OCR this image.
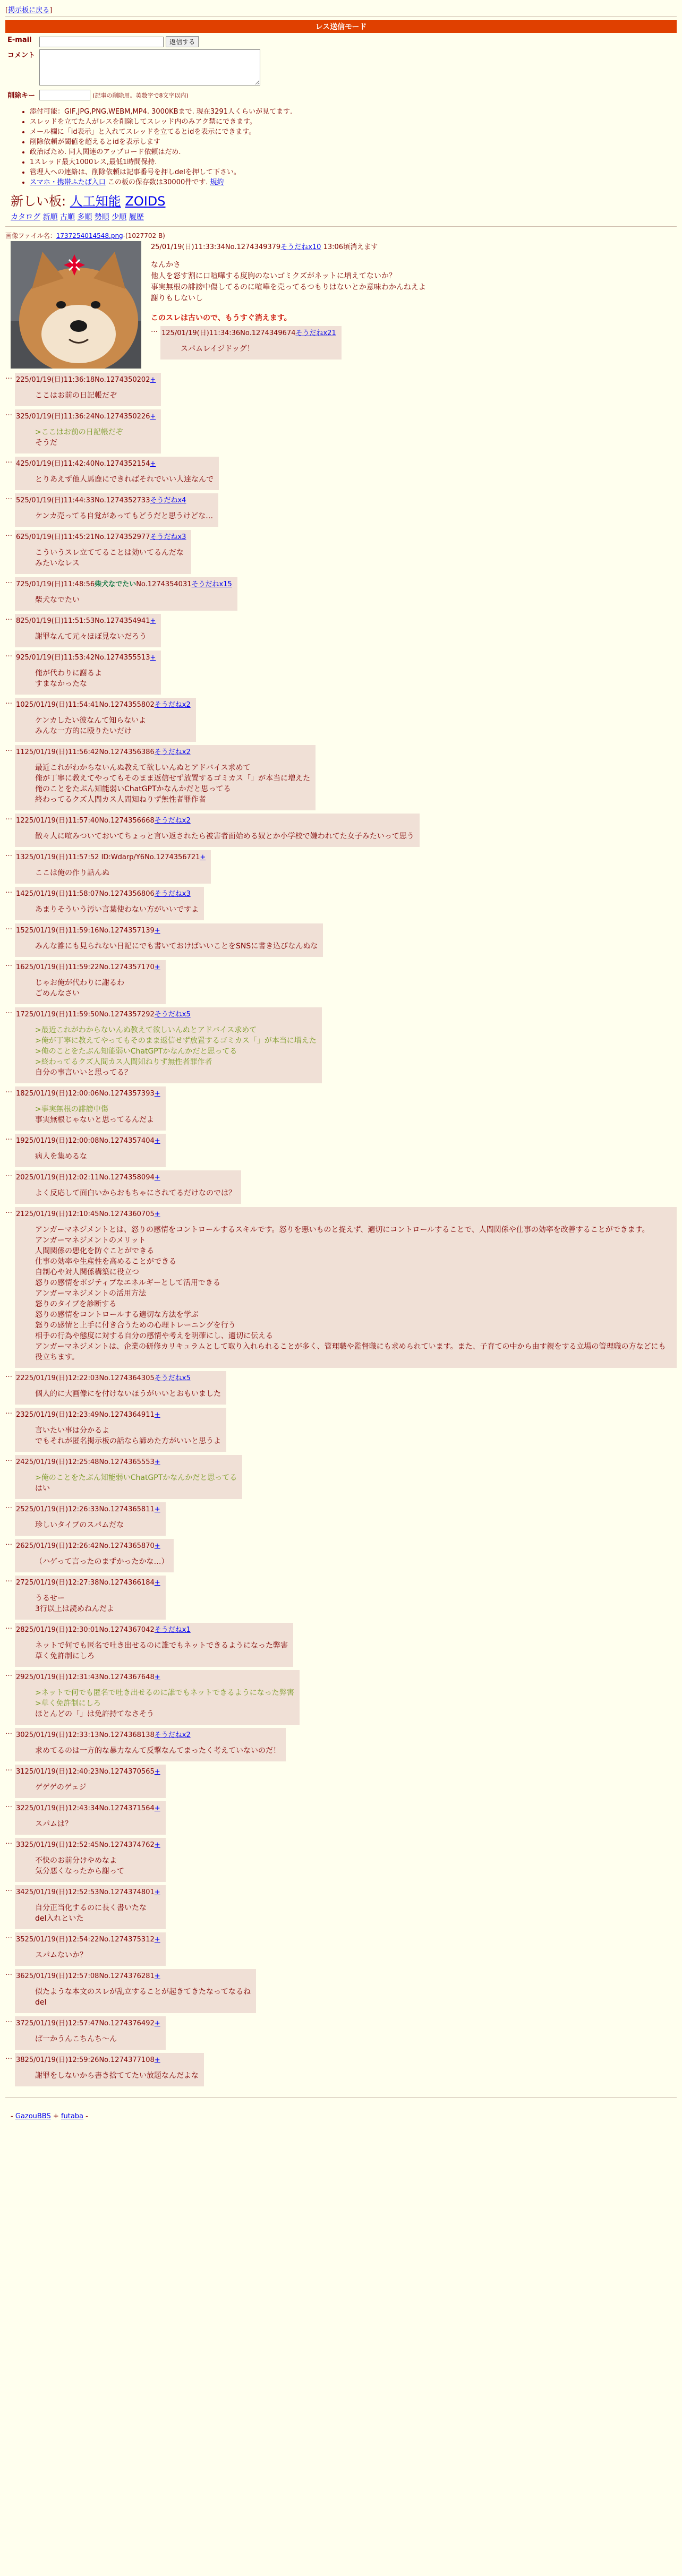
[掲示板に戻る]
レス送信モード
E-mail	返信する
コメント	
削除キー	(記事の削除用。英数字で8文字以内)
• 添付可能：GIF,JPG,PNG,WEBM,MP4. 3000KBまで. 現在3291人くらいが見てます.
• スレッドを立てた人がレスを削除してスレッド内のみアク禁にできます。
• メール欄に「id表示」と入れてスレッドを立てるとidを表示にできます。
• 削除依頼が閾値を超えるとidを表示します
• 政治ばため. 同人関連のアップロード依頼はだめ.
• 1スレッド最大1000レス,最低1時間保持.
• 管理人への連絡は、削除依頼は記事番号を押しdelを押して下さい。
• スマホ・携帯ふたば入口 この板の保存数は30000件です. 規約
新しい板: 人工知能 ZOIDS
カタログ 新順 古順 多順 勢順 少順 履歴
画像ファイル名：1737254014548.png-(1027702 B)
25/01/19(日)11:33:34No.1274349379そうだねx10 13:06頃消えます
なんかさ
他人を怒す割に口喧嘩する度胸のないゴミクズがネットに増えてないか？
事実無根の誹謗中傷してるのに喧嘩を売ってるつもりはないとか意味わかんねえよ
謝りもしないし
このスレは古いので、もうすぐ消えます。
… 125/01/19(日)11:34:36No.1274349674そうだねx21
スパムレイジドッグ！
… 225/01/19(日)11:36:18No.1274350202+
ここはお前の日記帳だぞ
… 325/01/19(日)11:36:24No.1274350226+
>ここはお前の日記帳だぞ
そうだ
… 425/01/19(日)11:42:40No.1274352154+
とりあえず他人馬鹿にできればそれでいい人達なんで
… 525/01/19(日)11:44:33No.1274352733そうだねx4
ケンカ売ってる自覚があってもどうだと思うけどな…
… 625/01/19(日)11:45:21No.1274352977そうだねx3
こういうスレ立ててることは効いてるんだな
みたいなレス
… 725/01/19(日)11:48:56柴犬なでたいNo.1274354031そうだねx15
柴犬なでたい
… 825/01/19(日)11:51:53No.1274354941+
謝罪なんて元々ほぼ見ないだろう
… 925/01/19(日)11:53:42No.1274355513+
俺が代わりに謝るよ
すまなかったな
… 1025/01/19(日)11:54:41No.1274355802そうだねx2
ケンカしたい彼なんて知らないよ
みんな一方的に殴りたいだけ
… 1125/01/19(日)11:56:42No.1274356386そうだねx2
最近これがわからないんぬ教えて欲しいんぬとアドバイス求めて
俺が丁寧に教えてやってもそのまま返信せず放置するゴミカス「」が本当に増えた
俺のことをたぶん知能弱いChatGPTかなんかだと思ってる
終わってるクズ人間カス人間知ねりず無性者罪作者
… 1225/01/19(日)11:57:40No.1274356668そうだねx2
散々人に喧みついておいてちょっと言い返されたら被害者面始める奴とか小学校で嫌われてた女子みたいって思う
… 1325/01/19(日)11:57:52 ID:Wdarp/Y6No.1274356721+
ここは俺の作り話んぬ
… 1425/01/19(日)11:58:07No.1274356806そうだねx3
あまりそういう汚い言葉使わない方がいいですよ
… 1525/01/19(日)11:59:16No.1274357139+
みんな誰にも見られない日記にでも書いておけばいいことをSNSに書き込びなんぬな
… 1625/01/19(日)11:59:22No.1274357170+
じゃお俺が代わりに謝るわ
ごめんなさい
… 1725/01/19(日)11:59:50No.1274357292そうだねx5
>最近これがわからないんぬ教えて欲しいんぬとアドバイス求めて
>俺が丁寧に教えてやってもそのまま返信せず放置するゴミカス「」が本当に増えた
>俺のことをたぶん知能弱いChatGPTかなんかだと思ってる
>終わってるクズ人間カス人間知ねりず無性者罪作者
自分の事言いいと思ってる？
… 1825/01/19(日)12:00:06No.1274357393+
>事実無根の誹謗中傷
事実無根じゃないと思ってるんだよ
… 1925/01/19(日)12:00:08No.1274357404+
病人を集めるな
… 2025/01/19(日)12:02:11No.1274358094+
よく反応して面白いからおもちゃにされてるだけなのでは？
… 2125/01/19(日)12:10:45No.1274360705+
アンガーマネジメントとは、怒りの感情をコントロールするスキルです。怒りを悪いものと捉えず、適切にコントロールすることで、人間関係や仕事の効率を改善することができます。
アンガーマネジメントのメリット
人間関係の悪化を防ぐことができる
仕事の効率や生産性を高めることができる
自制心や対人関係構築に役立つ
怒りの感情をポジティブなエネルギーとして活用できる
アンガーマネジメントの活用方法
怒りのタイプを診断する
怒りの感情をコントロールする適切な方法を学ぶ
怒りの感情と上手に付き合うための心理トレーニングを行う
相手の行為や態度に対する自分の感情や考えを明確にし、適切に伝える
アンガーマネジメントは、企業の研修カリキュラムとして取り入れられることが多く、管理職や監督職にも求められています。また、子育ての中から由す親をする立場の管理職の方などにも役立ちます。
… 2225/01/19(日)12:22:03No.1274364305そうだねx5
個人的に大画像にを付けないほうがいいとおもいました
… 2325/01/19(日)12:23:49No.1274364911+
言いたい事は分かるよ
でもそれが匿名掲示板の話なら諦めた方がいいと思うよ
… 2425/01/19(日)12:25:48No.1274365553+
>俺のことをたぶん知能弱いChatGPTかなんかだと思ってる
はい
… 2525/01/19(日)12:26:33No.1274365811+
珍しいタイプのスパムだな
… 2625/01/19(日)12:26:42No.1274365870+
（ハゲって言ったのまずかったかな…）
… 2725/01/19(日)12:27:38No.1274366184+
うるせー
3行以上は読めねんだよ
… 2825/01/19(日)12:30:01No.1274367042そうだねx1
ネットで何でも匿名で吐き出せるのに誰でもネットできるようになった弊害
草く免許制にしろ
… 2925/01/19(日)12:31:43No.1274367648+
>ネットで何でも匿名で吐き出せるのに誰でもネットできるようになった弊害
>草く免許制にしろ
ほとんどの「」は免許持てなさそう
… 3025/01/19(日)12:33:13No.1274368138そうだねx2
求めてるのは一方的な暴力なんて反撃なんてまったく考えていないのだ！
… 3125/01/19(日)12:40:23No.1274370565+
ゲゲゲのゲェジ
… 3225/01/19(日)12:43:34No.1274371564+
スパムは？
… 3325/01/19(日)12:52:45No.1274374762+
不快のお前分けやめなよ
気分悪くなったから謝って
… 3425/01/19(日)12:52:53No.1274374801+
自分正当化するのに長く書いたな
del入れといた
… 3525/01/19(日)12:54:22No.1274375312+
スパムないか？
… 3625/01/19(日)12:57:08No.1274376281+
似たような本文のスレが乱立することが起きてきたなってなるね
del
… 3725/01/19(日)12:57:47No.1274376492+
ぱ一かうんこちんち～ん
… 3825/01/19(日)12:59:26No.1274377108+
謝罪をしないから書き捨ててたい放題なんだよな
- GazouBBS + futaba -
